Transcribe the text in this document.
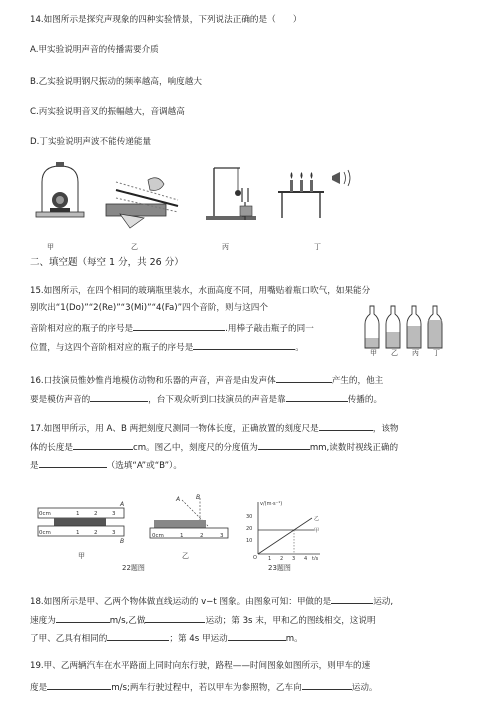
14.如图所示是探究声现象的四种实验情景，下列说法正确的是（　　）
A.甲实验说明声音的传播需要介质
B.乙实验说明钢尺振动的频率越高，响度越大
C.丙实验说明音叉的振幅越大，音调越高
D.丁实验说明声波不能传递能量
甲	乙	丙	丁
二、填空题（每空 1 分，共 26 分）
15.如图所示，在四个相同的玻璃瓶里装水，水面高度不同，用嘴贴着瓶口吹气，如果能分
别吹出“1(Do)”“2(Re)”“3(Mi)”“4(Fa)”四个音阶，则与这四个
音阶相对应的瓶子的序号是	.用棒子敲击瓶子的同一
位置，与这四个音阶相对应的瓶子的序号是	。	甲 乙 丙 丁
16.口技演员惟妙惟肖地模仿动物和乐器的声音，声音是由发声体	产生的，他主
要是模仿声音的	，台下观众听到口技演员的声音是靠	传播的。
17.如图甲所示，用 A、B 两把刻度尺测同一物体长度，正确放置的刻度尺是	，该物
体的长度是	cm。图乙中，刻度尺的分度值为	mm,读数时视线正确的
是	（选填“A”或“B”）。
A
B
0cm	1	2	3
0cm	1	2	3
甲
A	B
0cm	1	2	3
乙
22题图
v/(m·s⁻¹)
t/s
O
30
20
10
1 2 3 4
乙
甲
23题图
18.如图所示是甲、乙两个物体做直线运动的 v−t 图象。由图象可知：甲做的是	运动,
速度为	m/s,乙做	运动；第 3s 末，甲和乙的图线相交，这说明
了甲、乙具有相同的	；第 4s 甲运动	m。
19.甲、乙两辆汽车在水平路面上同时向东行驶，路程——时间图象如图所示，则甲车的速
度是	m/s;两车行驶过程中，若以甲车为参照物，乙车向	运动。
